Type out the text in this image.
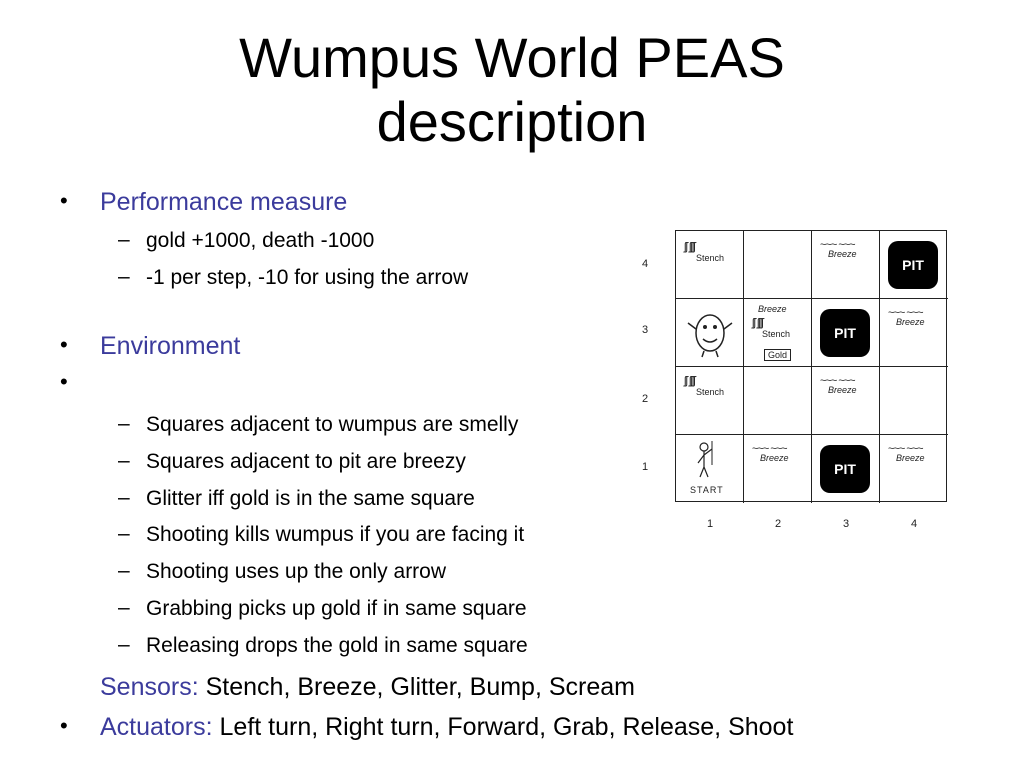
Wumpus World PEAS
description
• Performance measure
– gold +1000, death -1000
– -1 per step, -10 for using the arrow
• Environment
•
– Squares adjacent to wumpus are smelly
– Squares adjacent to pit are breezy
– Glitter iff gold is in the same square
– Shooting kills wumpus if you are facing it
– Shooting uses up the only arrow
– Grabbing picks up gold if in same square
– Releasing drops the gold in same square
Sensors: Stench, Breeze, Glitter, Bump, Scream
• Actuators: Left turn, Right turn, Forward, Grab, Release, Shoot
4
3
2
1
1	2	3	4
ʃʃ ʃʃʃʃ
Stench
~~~ ~~~
Breeze
PIT
Breeze
ʃʃ ʃʃʃʃ
Stench
Gold
PIT
~~~ ~~~
Breeze
ʃʃ ʃʃʃʃ
Stench
~~~ ~~~
Breeze
START
~~~ ~~~
Breeze
PIT
~~~ ~~~
Breeze
